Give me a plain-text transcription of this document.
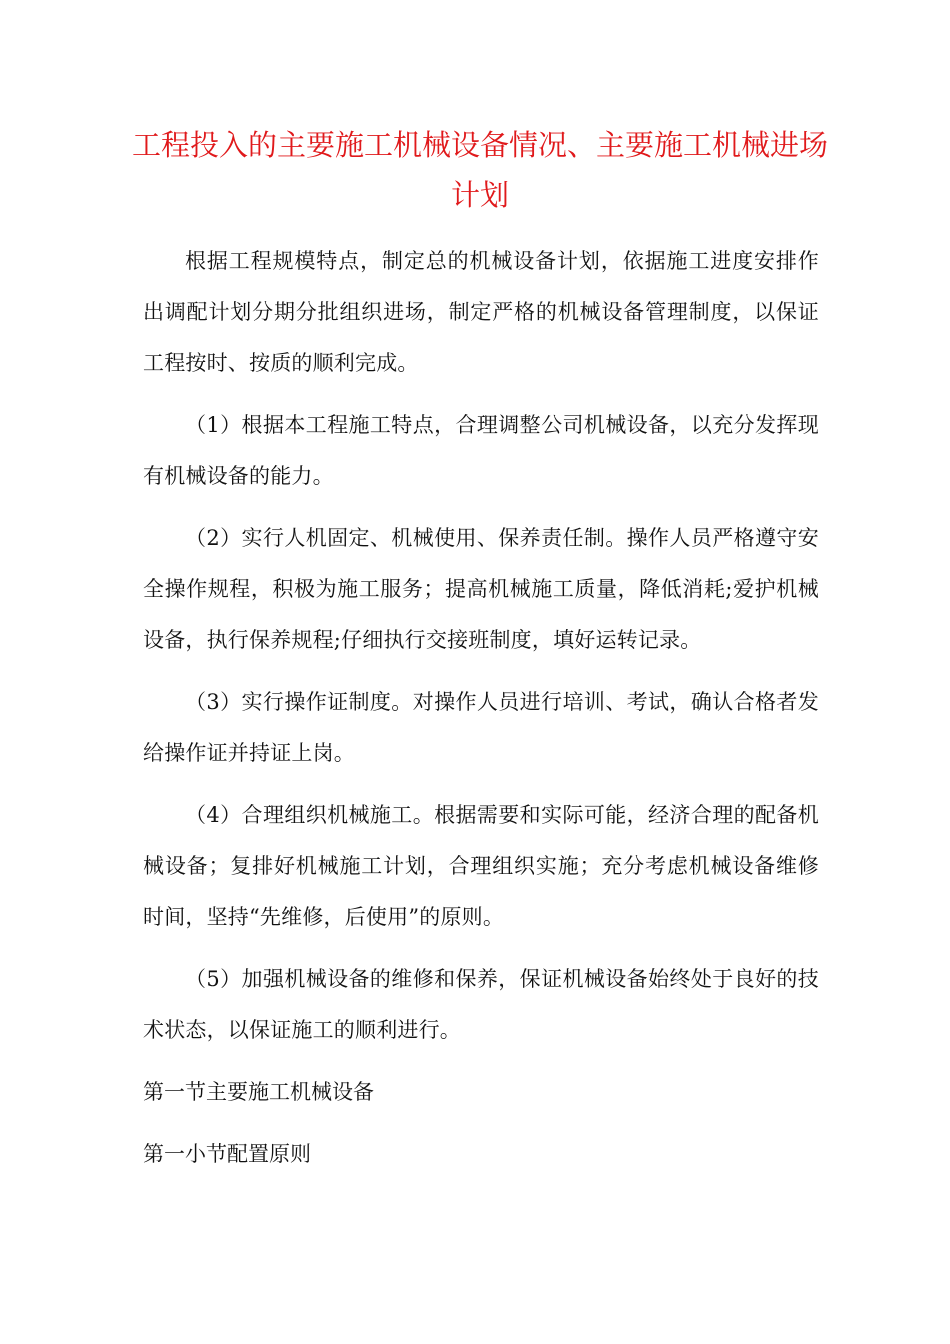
工程投入的主要施工机械设备情况、主要施工机械进场计划

根据工程规模特点，制定总的机械设备计划，依据施工进度安排作出调配计划分期分批组织进场，制定严格的机械设备管理制度，以保证工程按时、按质的顺利完成。

（1）根据本工程施工特点，合理调整公司机械设备，以充分发挥现有机械设备的能力。

（2）实行人机固定、机械使用、保养责任制。操作人员严格遵守安全操作规程，积极为施工服务；提高机械施工质量，降低消耗;爱护机械设备，执行保养规程;仔细执行交接班制度，填好运转记录。

（3）实行操作证制度。对操作人员进行培训、考试，确认合格者发给操作证并持证上岗。

（4）合理组织机械施工。根据需要和实际可能，经济合理的配备机械设备；复排好机械施工计划，合理组织实施；充分考虑机械设备维修时间，坚持“先维修，后使用”的原则。

（5）加强机械设备的维修和保养，保证机械设备始终处于良好的技术状态，以保证施工的顺利进行。

第一节主要施工机械设备

第一小节配置原则
